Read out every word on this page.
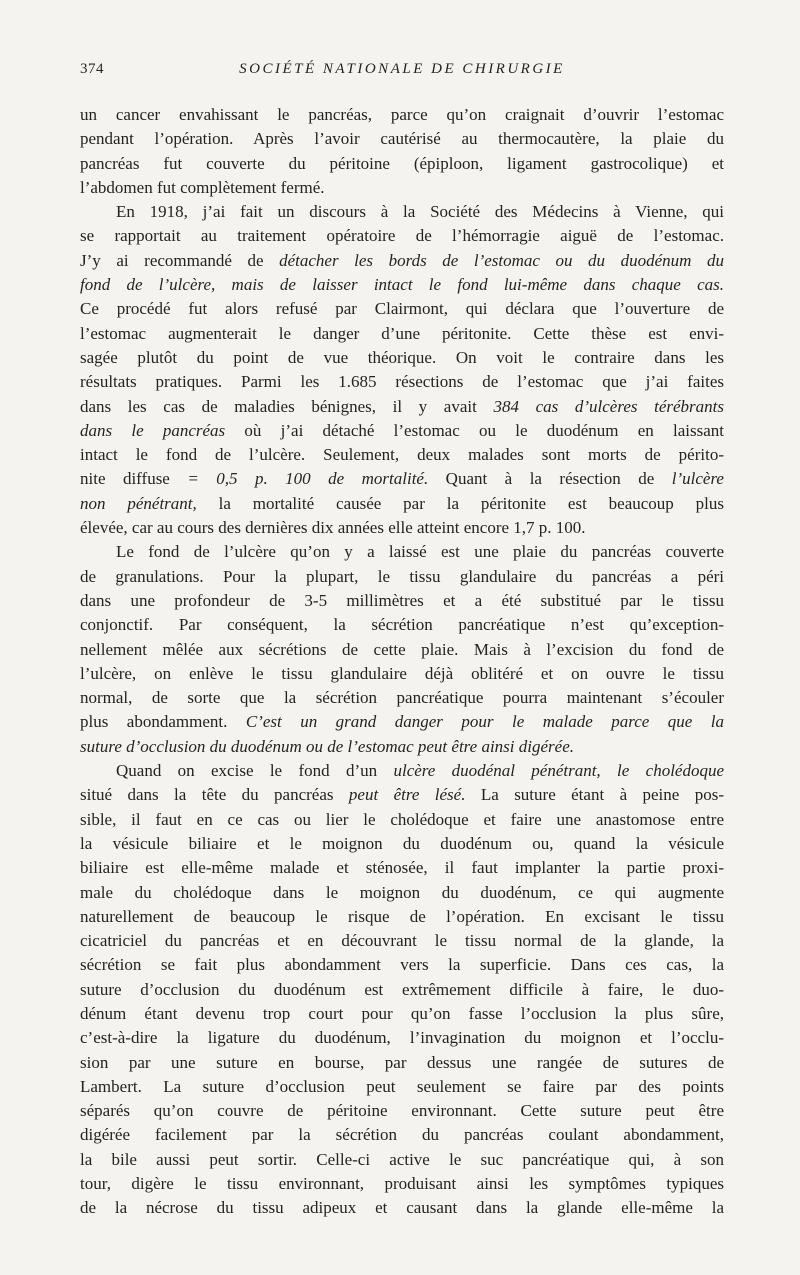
374	SOCIÉTÉ NATIONALE DE CHIRURGIE
un cancer envahissant le pancréas, parce qu’on craignait d’ouvrir l’estomac
pendant l’opération. Après l’avoir cautérisé au thermocautère, la plaie du
pancréas fut couverte du péritoine (épiploon, ligament gastrocolique) et
l’abdomen fut complètement fermé.
En 1918, j’ai fait un discours à la Société des Médecins à Vienne, qui
se rapportait au traitement opératoire de l’hémorragie aiguë de l’estomac.
J’y ai recommandé de détacher les bords de l’estomac ou du duodénum du
fond de l’ulcère, mais de laisser intact le fond lui-même dans chaque cas.
Ce procédé fut alors refusé par Clairmont, qui déclara que l’ouverture de
l’estomac augmenterait le danger d’une péritonite. Cette thèse est envi-
sagée plutôt du point de vue théorique. On voit le contraire dans les
résultats pratiques. Parmi les 1.685 résections de l’estomac que j’ai faites
dans les cas de maladies bénignes, il y avait 384 cas d’ulcères térébrants
dans le pancréas où j’ai détaché l’estomac ou le duodénum en laissant
intact le fond de l’ulcère. Seulement, deux malades sont morts de périto-
nite diffuse = 0,5 p. 100 de mortalité. Quant à la résection de l’ulcère
non pénétrant, la mortalité causée par la péritonite est beaucoup plus
élevée, car au cours des dernières dix années elle atteint encore 1,7 p. 100.
Le fond de l’ulcère qu’on y a laissé est une plaie du pancréas couverte
de granulations. Pour la plupart, le tissu glandulaire du pancréas a péri
dans une profondeur de 3-5 millimètres et a été substitué par le tissu
conjonctif. Par conséquent, la sécrétion pancréatique n’est qu’exception-
nellement mêlée aux sécrétions de cette plaie. Mais à l’excision du fond de
l’ulcère, on enlève le tissu glandulaire déjà oblitéré et on ouvre le tissu
normal, de sorte que la sécrétion pancréatique pourra maintenant s’écouler
plus abondamment. C’est un grand danger pour le malade parce que la
suture d’occlusion du duodénum ou de l’estomac peut être ainsi digérée.
Quand on excise le fond d’un ulcère duodénal pénétrant, le cholédoque
situé dans la tête du pancréas peut être lésé. La suture étant à peine pos-
sible, il faut en ce cas ou lier le cholédoque et faire une anastomose entre
la vésicule biliaire et le moignon du duodénum ou, quand la vésicule
biliaire est elle-même malade et sténosée, il faut implanter la partie proxi-
male du cholédoque dans le moignon du duodénum, ce qui augmente
naturellement de beaucoup le risque de l’opération. En excisant le tissu
cicatriciel du pancréas et en découvrant le tissu normal de la glande, la
sécrétion se fait plus abondamment vers la superficie. Dans ces cas, la
suture d’occlusion du duodénum est extrêmement difficile à faire, le duo-
dénum étant devenu trop court pour qu’on fasse l’occlusion la plus sûre,
c’est-à-dire la ligature du duodénum, l’invagination du moignon et l’occlu-
sion par une suture en bourse, par dessus une rangée de sutures de
Lambert. La suture d’occlusion peut seulement se faire par des points
séparés qu’on couvre de péritoine environnant. Cette suture peut être
digérée facilement par la sécrétion du pancréas coulant abondamment,
la bile aussi peut sortir. Celle-ci active le suc pancréatique qui, à son
tour, digère le tissu environnant, produisant ainsi les symptômes typiques
de la nécrose du tissu adipeux et causant dans la glande elle-même la
